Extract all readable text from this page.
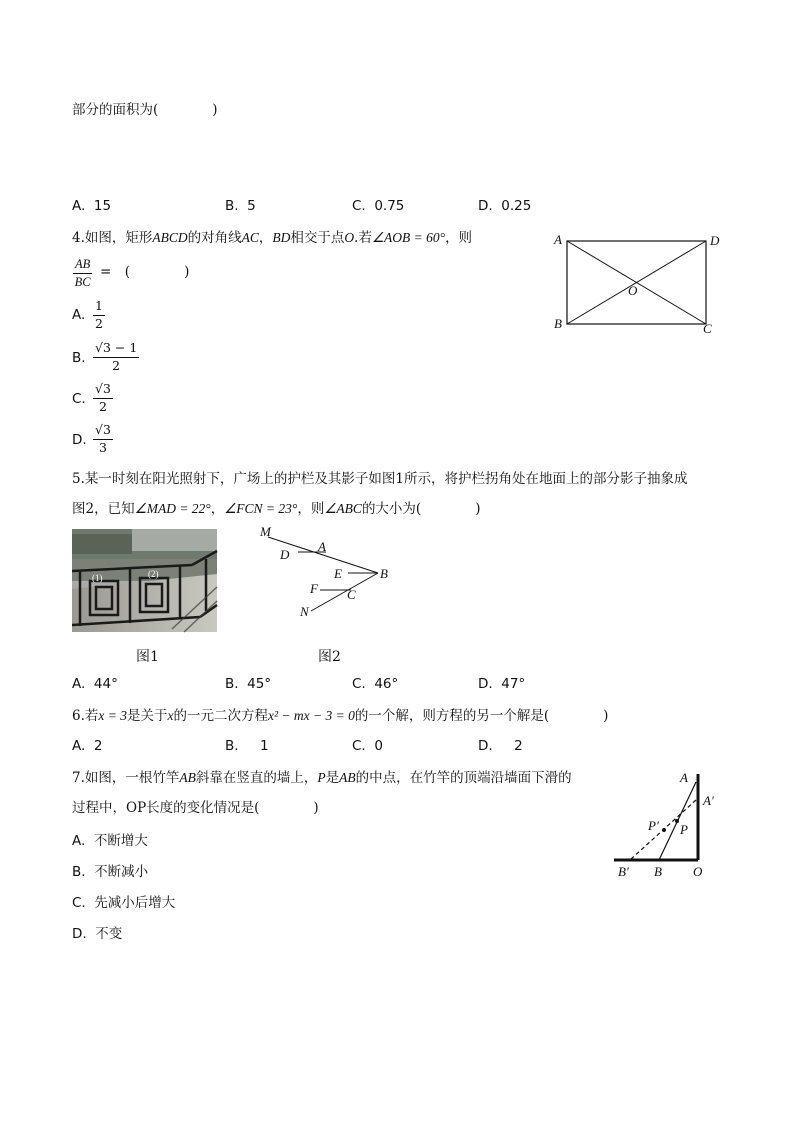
部分的面积为(　　　　)
A. 15	B. 5	C. 0.75	D. 0.25
4.如图，矩形ABCD的对角线AC，BD相交于点O.若∠AOB = 60°，则
$\frac{AB}{BC}$ =　(　　　　)
A. $\frac{1}{2}$
B. $\frac{√3 - 1}{2}$
C. $\frac{√3}{2}$
D. $\frac{√3}{3}$
A	D
B	C
O
5.某一时刻在阳光照射下，广场上的护栏及其影子如图1所示，将护栏拐角处在地面上的部分影子抽象成
图2，已知∠MAD = 22°，∠FCN = 23°，则∠ABC的大小为(　　　　)
(1)	(2)
图1
M
D
A
E	B
F C
N
图2
A. 44°	B. 45°	C. 46°	D. 47°
6.若x = 3是关于x的一元二次方程x² − mx − 3 = 0的一个解，则方程的另一个解是(　　　　)
A. 2	B. 1	C. 0	D. 2
7.如图，一根竹竿AB斜靠在竖直的墙上，P是AB的中点，在竹竿的顶端沿墙面下滑的
过程中，OP长度的变化情况是(　　　　)
A. 不断增大
B. 不断减小
C. 先减小后增大
D. 不变
A
A′
P′ P
B′ B O
